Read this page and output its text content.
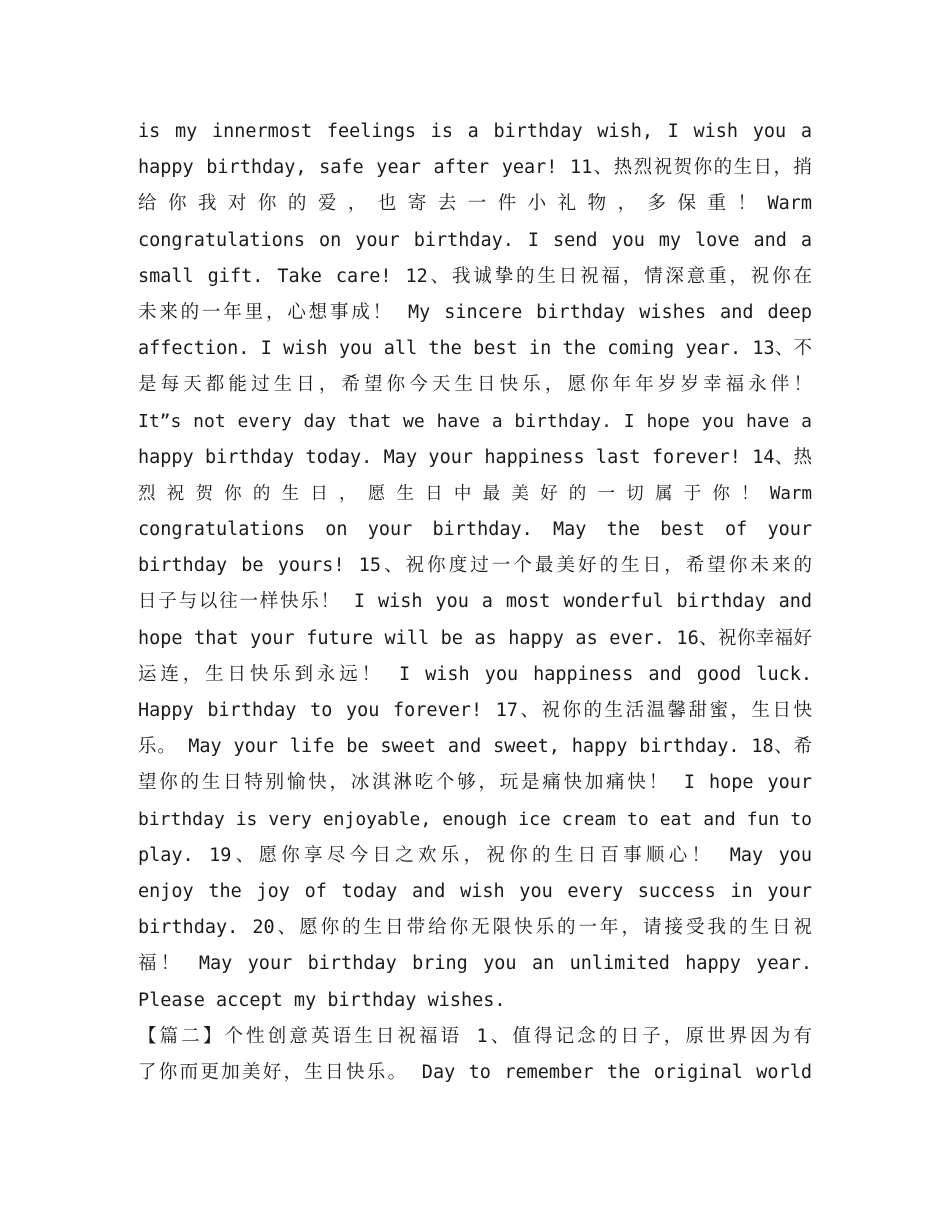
is my innermost feelings is a birthday wish, I wish you a
happy birthday, safe year after year! 11、热烈祝贺你的生日，捎
给 你 我 对 你 的 爱 ， 也 寄 去 一 件 小 礼 物 ， 多 保 重 ！ Warm
congratulations on your birthday. I send you my love and a
small gift. Take care! 12、我诚挚的生日祝福，情深意重，祝你在
未来的一年里，心想事成！ My sincere birthday wishes and deep
affection. I wish you all the best in the coming year. 13、不
是每天都能过生日，希望你今天生日快乐，愿你年年岁岁幸福永伴！
It”s not every day that we have a birthday. I hope you have a
happy birthday today. May your happiness last forever! 14、热
烈 祝 贺 你 的 生 日 ， 愿 生 日 中 最 美 好 的 一 切 属 于 你 ！ Warm
congratulations on your birthday. May the best of your
birthday be yours! 15、祝你度过一个最美好的生日，希望你未来的
日子与以往一样快乐！ I wish you a most wonderful birthday and
hope that your future will be as happy as ever. 16、祝你幸福好
运连，生日快乐到永远！ I wish you happiness and good luck.
Happy birthday to you forever! 17、祝你的生活温馨甜蜜，生日快
乐。 May your life be sweet and sweet, happy birthday. 18、希
望你的生日特别愉快，冰淇淋吃个够，玩是痛快加痛快！ I hope your
birthday is very enjoyable, enough ice cream to eat and fun to
play. 19、愿你享尽今日之欢乐，祝你的生日百事顺心！ May you
enjoy the joy of today and wish you every success in your
birthday. 20、愿你的生日带给你无限快乐的一年，请接受我的生日祝
福！ May your birthday bring you an unlimited happy year.
Please accept my birthday wishes.
【篇二】个性创意英语生日祝福语 1、值得记念的日子，原世界因为有
了你而更加美好，生日快乐。 Day to remember the original world
